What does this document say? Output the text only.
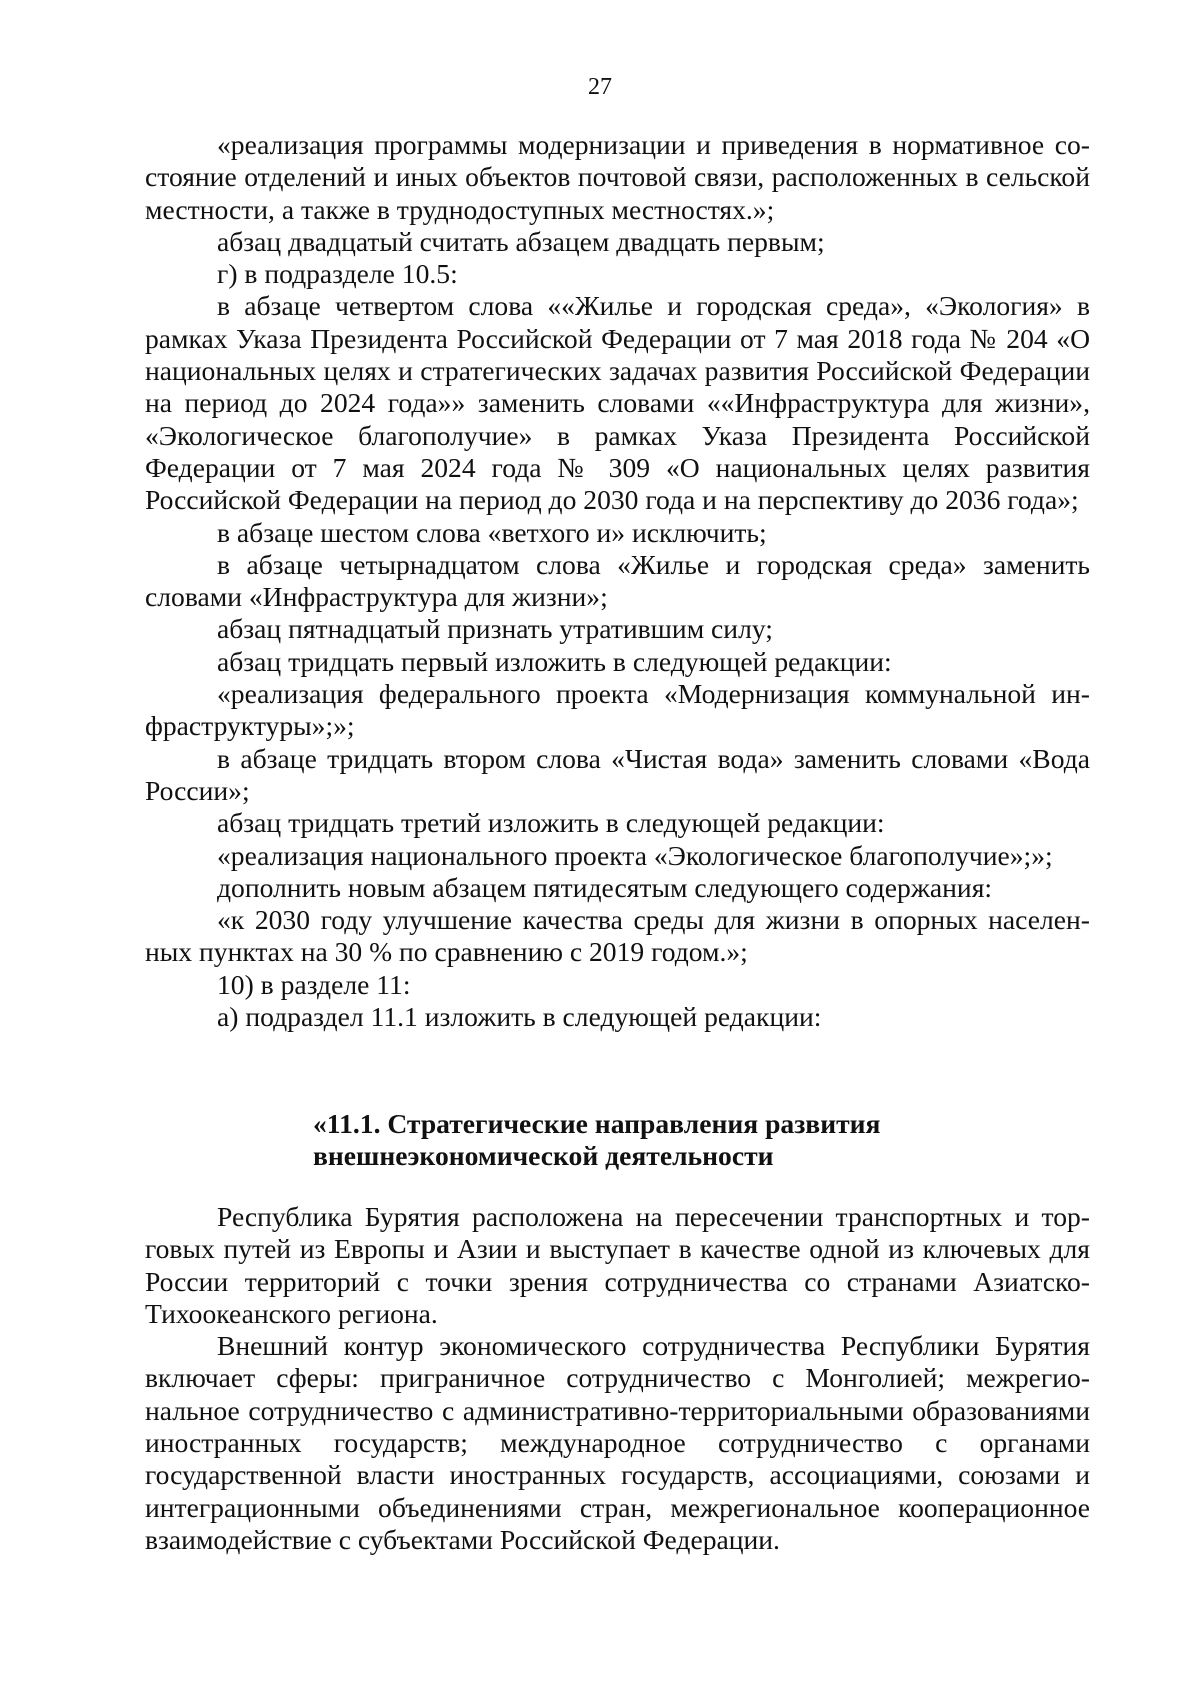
27

«реализация программы модернизации и приведения в нормативное состояние отделений и иных объектов почтовой связи, расположенных в сельской местности, а также в труднодоступных местностях.»;

абзац двадцатый считать абзацем двадцать первым;

г) в подразделе 10.5:

в абзаце четвертом слова ««Жилье и городская среда», «Экология» в рамках Указа Президента Российской Федерации от 7 мая 2018 года № 204 «О национальных целях и стратегических задачах развития Российской Федерации на период до 2024 года»» заменить словами ««Инфраструктура для жизни», «Экологическое благополучие» в рамках Указа Президента Российской Федерации от 7 мая 2024 года № 309 «О национальных целях развития Российской Федерации на период до 2030 года и на перспективу до 2036 года»;

в абзаце шестом слова «ветхого и» исключить;

в абзаце четырнадцатом слова «Жилье и городская среда» заменить словами «Инфраструктура для жизни»;

абзац пятнадцатый признать утратившим силу;

абзац тридцать первый изложить в следующей редакции:

«реализация федерального проекта «Модернизация коммунальной инфраструктуры»;»;

в абзаце тридцать втором слова «Чистая вода» заменить словами «Вода России»;

абзац тридцать третий изложить в следующей редакции:

«реализация национального проекта «Экологическое благополучие»;»;

дополнить новым абзацем пятидесятым следующего содержания:

«к 2030 году улучшение качества среды для жизни в опорных населенных пунктах на 30 % по сравнению с 2019 годом.»;

10) в разделе 11:

а) подраздел 11.1 изложить в следующей редакции:

«11.1. Стратегические направления развития
внешнеэкономической деятельности

Республика Бурятия расположена на пересечении транспортных и торговых путей из Европы и Азии и выступает в качестве одной из ключевых для России территорий с точки зрения сотрудничества со странами Азиатско-Тихоокеанского региона.

Внешний контур экономического сотрудничества Республики Бурятия включает сферы: приграничное сотрудничество с Монголией; межрегиональное сотрудничество с административно-территориальными образованиями иностранных государств; международное сотрудничество с органами государственной власти иностранных государств, ассоциациями, союзами и интеграционными объединениями стран, межрегиональное кооперационное взаимодействие с субъектами Российской Федерации.
